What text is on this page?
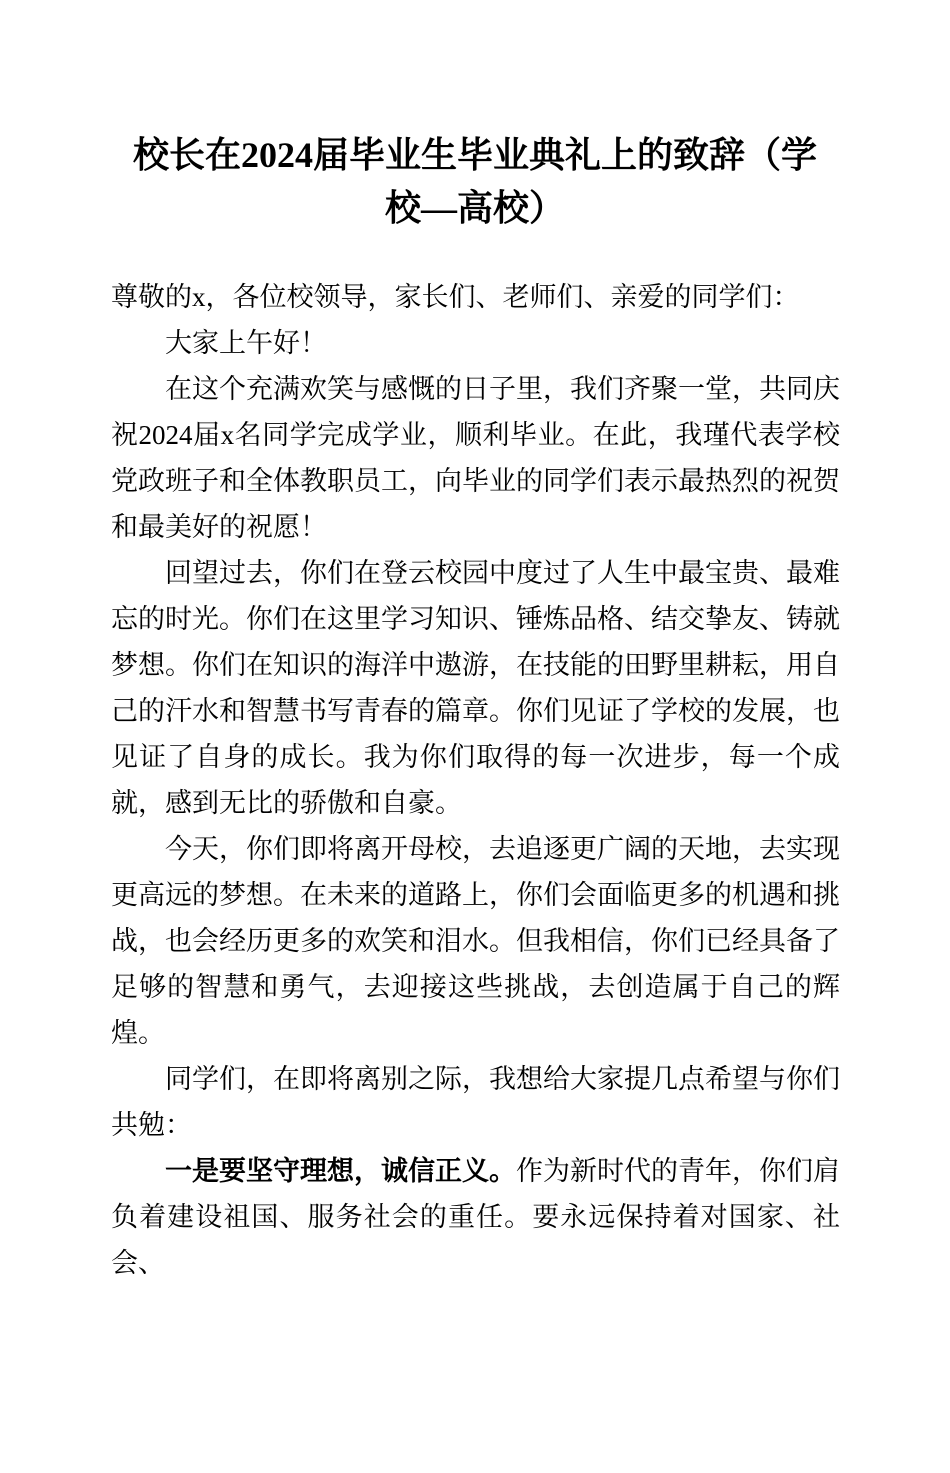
校长在2024届毕业生毕业典礼上的致辞（学校—高校）

尊敬的x，各位校领导，家长们、老师们、亲爱的同学们：

大家上午好！

在这个充满欢笑与感慨的日子里，我们齐聚一堂，共同庆祝2024届x名同学完成学业，顺利毕业。在此，我瑾代表学校党政班子和全体教职员工，向毕业的同学们表示最热烈的祝贺和最美好的祝愿！

回望过去，你们在登云校园中度过了人生中最宝贵、最难忘的时光。你们在这里学习知识、锤炼品格、结交挚友、铸就梦想。你们在知识的海洋中遨游，在技能的田野里耕耘，用自己的汗水和智慧书写青春的篇章。你们见证了学校的发展，也见证了自身的成长。我为你们取得的每一次进步，每一个成就，感到无比的骄傲和自豪。

今天，你们即将离开母校，去追逐更广阔的天地，去实现更高远的梦想。在未来的道路上，你们会面临更多的机遇和挑战，也会经历更多的欢笑和泪水。但我相信，你们已经具备了足够的智慧和勇气，去迎接这些挑战，去创造属于自己的辉煌。

同学们，在即将离别之际，我想给大家提几点希望与你们共勉：

一是要坚守理想，诚信正义。作为新时代的青年，你们肩负着建设祖国、服务社会的重任。要永远保持着对国家、社会、
